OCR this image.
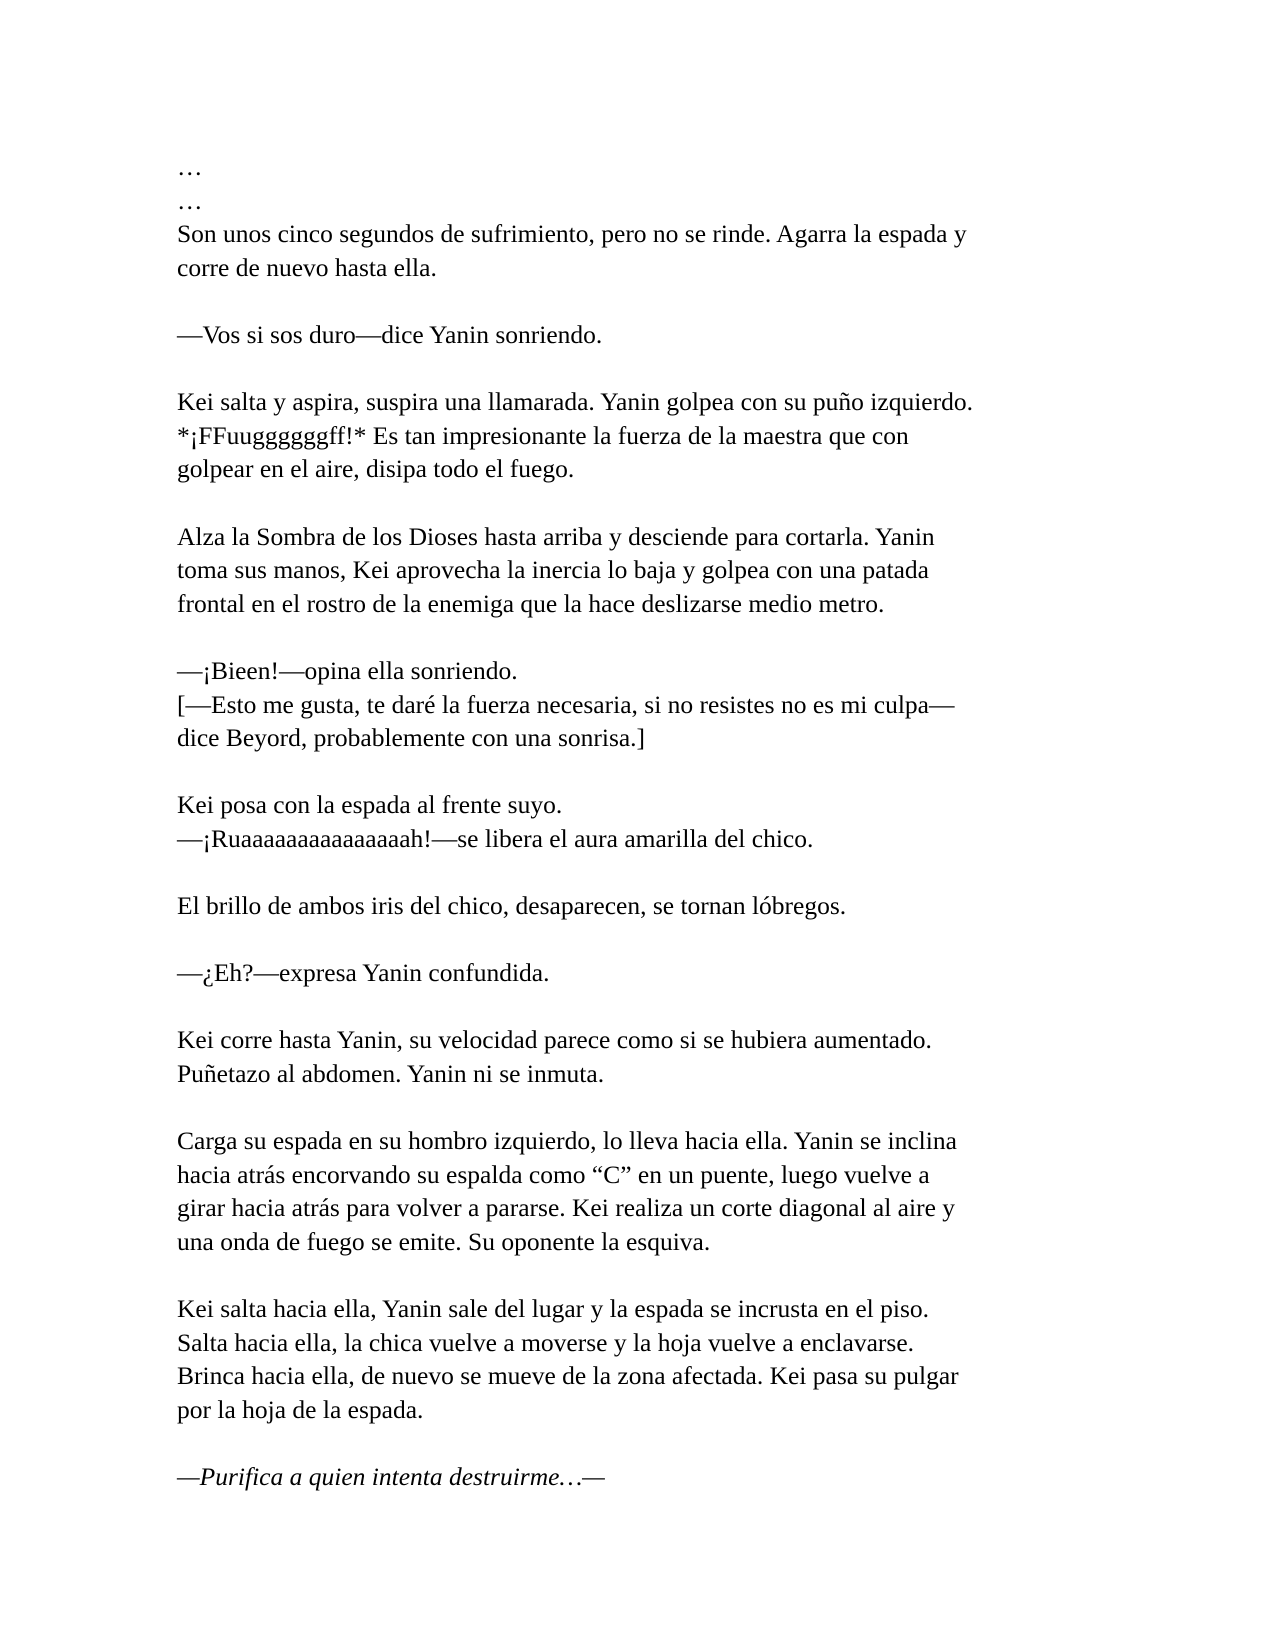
…
…
Son unos cinco segundos de sufrimiento, pero no se rinde. Agarra la espada y
corre de nuevo hasta ella.
—Vos si sos duro—dice Yanin sonriendo.
Kei salta y aspira, suspira una llamarada. Yanin golpea con su puño izquierdo.
*¡FFuuggggggff!* Es tan impresionante la fuerza de la maestra que con
golpear en el aire, disipa todo el fuego.
Alza la Sombra de los Dioses hasta arriba y desciende para cortarla. Yanin
toma sus manos, Kei aprovecha la inercia lo baja y golpea con una patada
frontal en el rostro de la enemiga que la hace deslizarse medio metro.
—¡Bieen!—opina ella sonriendo.
[—Esto me gusta, te daré la fuerza necesaria, si no resistes no es mi culpa—
dice Beyord, probablemente con una sonrisa.]
Kei posa con la espada al frente suyo.
—¡Ruaaaaaaaaaaaaaaah!—se libera el aura amarilla del chico.
El brillo de ambos iris del chico, desaparecen, se tornan lóbregos.
—¿Eh?—expresa Yanin confundida.
Kei corre hasta Yanin, su velocidad parece como si se hubiera aumentado.
Puñetazo al abdomen. Yanin ni se inmuta.
Carga su espada en su hombro izquierdo, lo lleva hacia ella. Yanin se inclina
hacia atrás encorvando su espalda como “C” en un puente, luego vuelve a
girar hacia atrás para volver a pararse. Kei realiza un corte diagonal al aire y
una onda de fuego se emite. Su oponente la esquiva.
Kei salta hacia ella, Yanin sale del lugar y la espada se incrusta en el piso.
Salta hacia ella, la chica vuelve a moverse y la hoja vuelve a enclavarse.
Brinca hacia ella, de nuevo se mueve de la zona afectada. Kei pasa su pulgar
por la hoja de la espada.
—Purifica a quien intenta destruirme…—
